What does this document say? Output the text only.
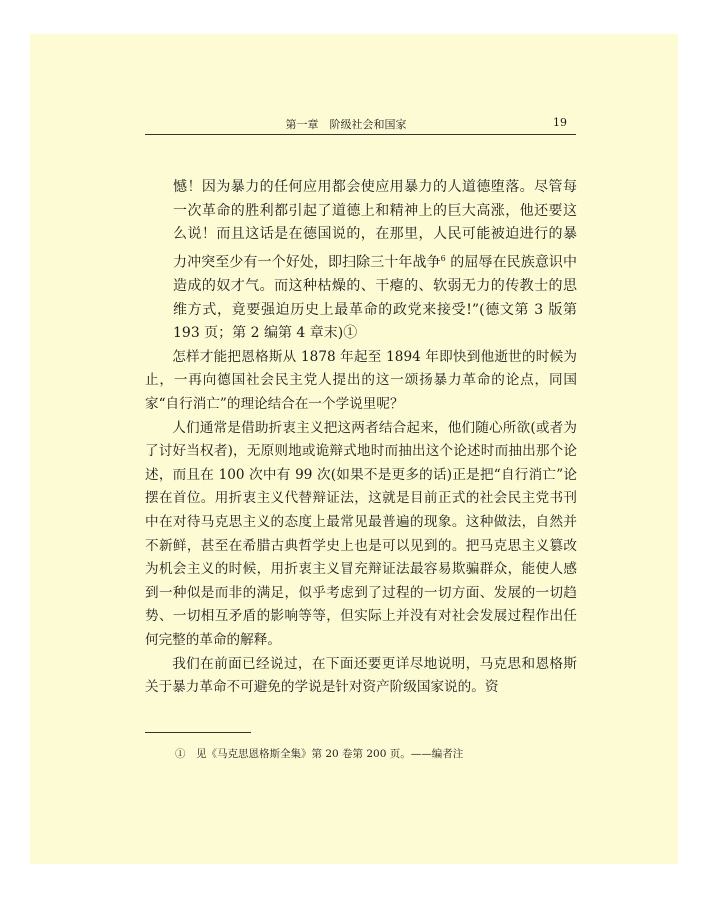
第一章　阶级社会和国家	19

憾！因为暴力的任何应用都会使应用暴力的人道德堕落。尽管每一次革命的胜利都引起了道德上和精神上的巨大高涨，他还要这么说！而且这话是在德国说的，在那里，人民可能被迫进行的暴力冲突至少有一个好处，即扫除三十年战争$^6$ 的屈辱在民族意识中造成的奴才气。而这种枯燥的、干瘪的、软弱无力的传教士的思维方式，竟要强迫历史上最革命的政党来接受!”(德文第 3 版第 193 页；第 2 编第 4 章末)①

怎样才能把恩格斯从 1878 年起至 1894 年即快到他逝世的时候为止，一再向德国社会民主党人提出的这一颂扬暴力革命的论点，同国家“自行消亡”的理论结合在一个学说里呢？

人们通常是借助折衷主义把这两者结合起来，他们随心所欲(或者为了讨好当权者)，无原则地或诡辩式地时而抽出这个论述时而抽出那个论述，而且在 100 次中有 99 次(如果不是更多的话)正是把“自行消亡”论摆在首位。用折衷主义代替辩证法，这就是目前正式的社会民主党书刊中在对待马克思主义的态度上最常见最普遍的现象。这种做法，自然并不新鲜，甚至在希腊古典哲学史上也是可以见到的。把马克思主义篡改为机会主义的时候，用折衷主义冒充辩证法最容易欺骗群众，能使人感到一种似是而非的满足，似乎考虑到了过程的一切方面、发展的一切趋势、一切相互矛盾的影响等等，但实际上并没有对社会发展过程作出任何完整的革命的解释。

我们在前面已经说过，在下面还要更详尽地说明，马克思和恩格斯关于暴力革命不可避免的学说是针对资产阶级国家说的。资

①　见《马克思恩格斯全集》第 20 卷第 200 页。——编者注
